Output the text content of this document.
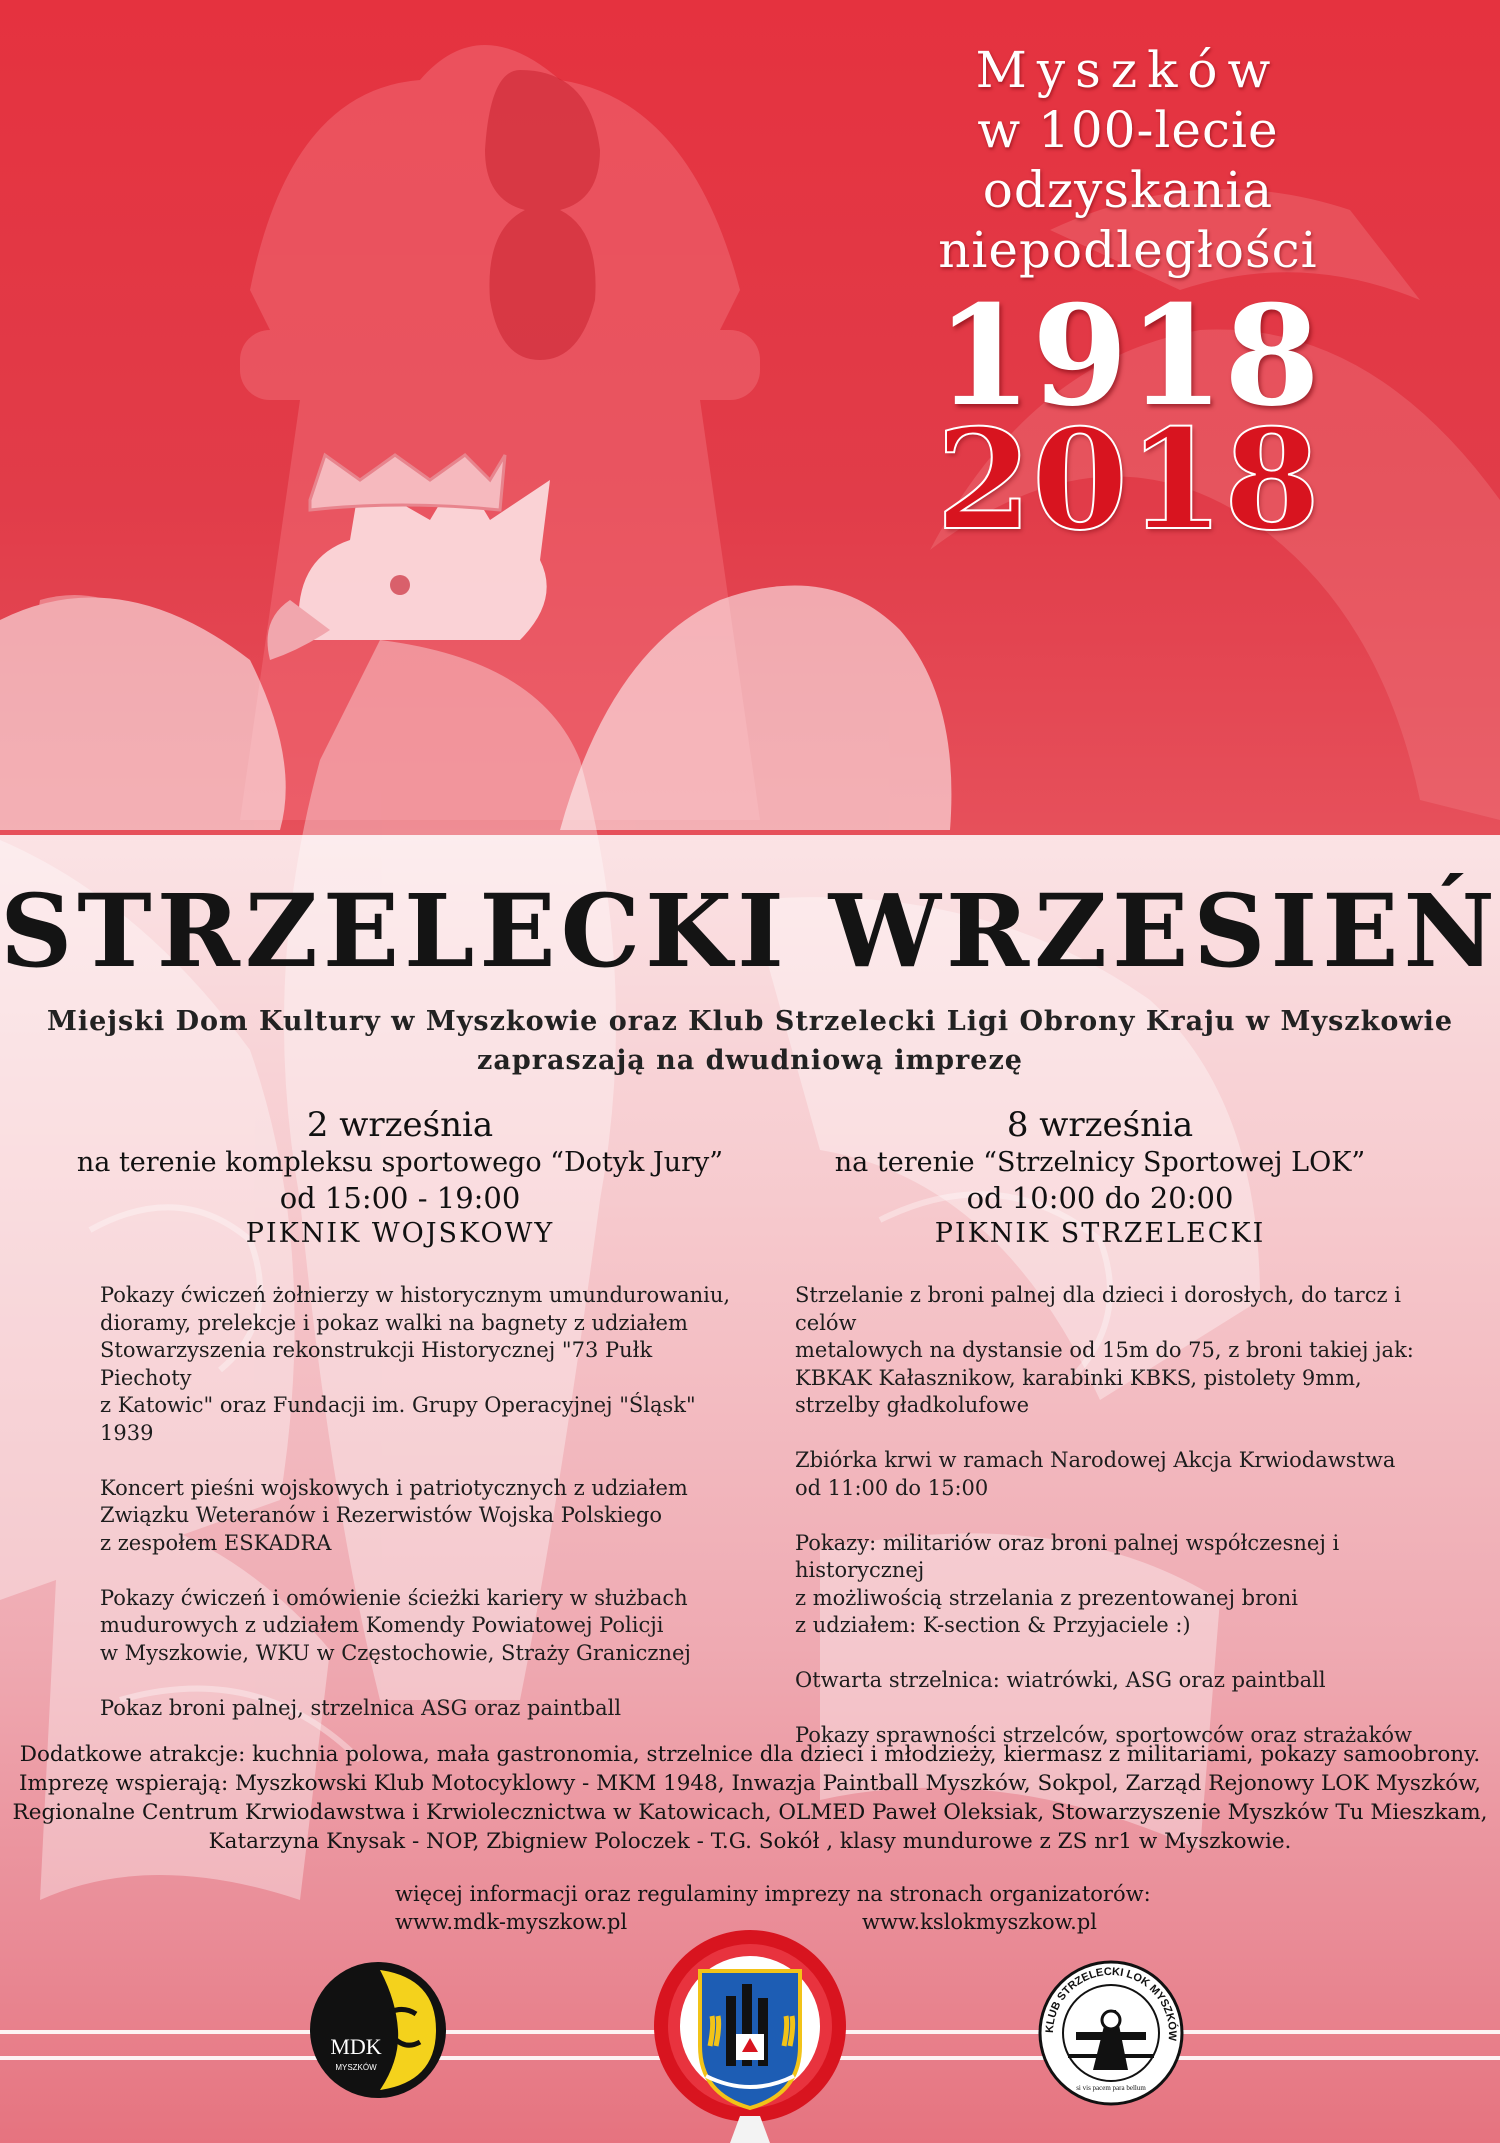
Myszków
w 100-lecie
odzyskania
niepodległości
1918
2018
STRZELECKI WRZESIEŃ
Miejski Dom Kultury w Myszkowie oraz Klub Strzelecki Ligi Obrony Kraju w Myszkowie
zapraszają na dwudniową imprezę
2 września
na terenie kompleksu sportowego “Dotyk Jury”
od 15:00 - 19:00
PIKNIK WOJSKOWY
8 września
na terenie “Strzelnicy Sportowej LOK”
od 10:00 do 20:00
PIKNIK STRZELECKI

Pokazy ćwiczeń żołnierzy w historycznym umundurowaniu,
dioramy, prelekcje i pokaz walki na bagnety z udziałem
Stowarzyszenia rekonstrukcji Historycznej "73 Pułk Piechoty
z Katowic" oraz Fundacji im. Grupy Operacyjnej "Śląsk" 1939

Koncert pieśni wojskowych i patriotycznych z udziałem
Związku Weteranów i Rezerwistów Wojska Polskiego
z zespołem ESKADRA

Pokazy ćwiczeń i omówienie ścieżki kariery w służbach
mudurowych z udziałem Komendy Powiatowej Policji
w Myszkowie, WKU w Częstochowie, Straży Granicznej

Pokaz broni palnej, strzelnica ASG oraz paintball

Strzelanie z broni palnej dla dzieci i dorosłych, do tarcz i celów
metalowych na dystansie od 15m do 75, z broni takiej jak:
KBKAK Kałasznikow, karabinki KBKS, pistolety 9mm,
strzelby gładkolufowe

Zbiórka krwi w ramach Narodowej Akcja Krwiodawstwa
od 11:00 do 15:00

Pokazy: militariów oraz broni palnej współczesnej i historycznej
z możliwością strzelania z prezentowanej broni
z udziałem: K-section & Przyjaciele :)

Otwarta strzelnica: wiatrówki, ASG oraz paintball

Pokazy sprawności strzelców, sportowców oraz strażaków

Dodatkowe atrakcje: kuchnia polowa, mała gastronomia, strzelnice dla dzieci i młodzieży, kiermasz z militariami, pokazy samoobrony.
Imprezę wspierają: Myszkowski Klub Motocyklowy - MKM 1948, Inwazja Paintball Myszków, Sokpol, Zarząd Rejonowy LOK Myszków,
Regionalne Centrum Krwiodawstwa i Krwiolecznictwa w Katowicach, OLMED Paweł Oleksiak, Stowarzyszenie Myszków Tu Mieszkam,
Katarzyna Knysak - NOP, Zbigniew Poloczek - T.G. Sokół , klasy mundurowe z ZS nr1 w Myszkowie.
więcej informacji oraz regulaminy imprezy na stronach organizatorów:
www.mdk-myszkow.pl	www.kslokmyszkow.pl
MDK
MYSZKÓW
KLUB STRZELECKI LOK MYSZKÓW
si vis pacem para bellum
